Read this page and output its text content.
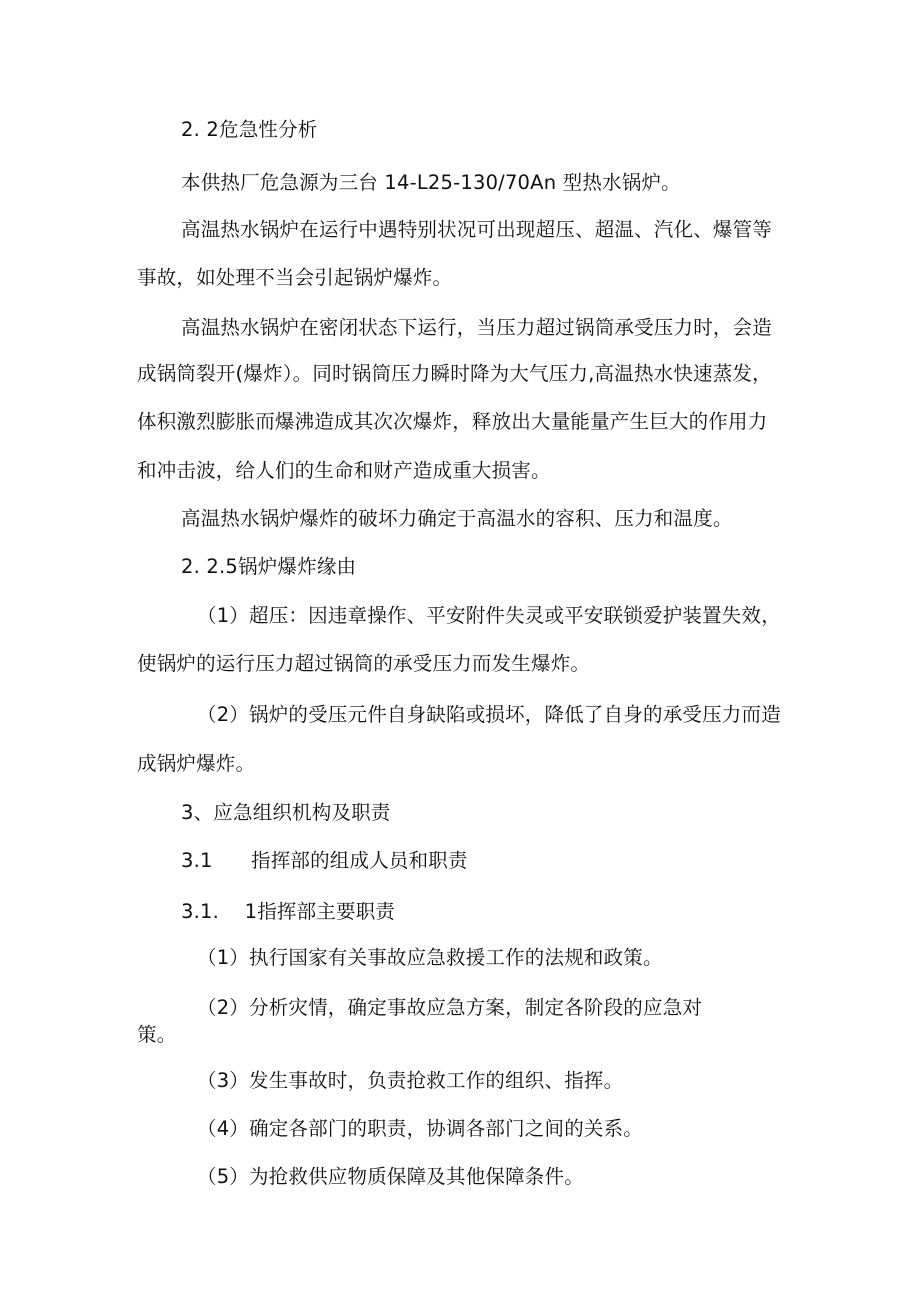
2. 2危急性分析

本供热厂危急源为三台 14-L25-130/70An 型热水锅炉。

高温热水锅炉在运行中遇特别状况可出现超压、超温、汽化、爆管等

事故，如处理不当会引起锅炉爆炸。

高温热水锅炉在密闭状态下运行，当压力超过锅筒承受压力时，会造

成锅筒裂开(爆炸）。同时锅筒压力瞬时降为大气压力,高温热水快速蒸发，

体积激烈膨胀而爆沸造成其次次爆炸，释放出大量能量产生巨大的作用力

和冲击波，给人们的生命和财产造成重大损害。

高温热水锅炉爆炸的破坏力确定于高温水的容积、压力和温度。

2. 2.5锅炉爆炸缘由

（1）超压：因违章操作、平安附件失灵或平安联锁爱护装置失效，

使锅炉的运行压力超过锅筒的承受压力而发生爆炸。

（2）锅炉的受压元件自身缺陷或损坏，降低了自身的承受压力而造

成锅炉爆炸。

3、应急组织机构及职责

3.1      指挥部的组成人员和职责

3.1.    1指挥部主要职责

（1）执行国家有关事故应急救援工作的法规和政策。

（2）分析灾情，确定事故应急方案，制定各阶段的应急对

策。

（3）发生事故时，负责抢救工作的组织、指挥。

（4）确定各部门的职责，协调各部门之间的关系。

（5）为抢救供应物质保障及其他保障条件。
